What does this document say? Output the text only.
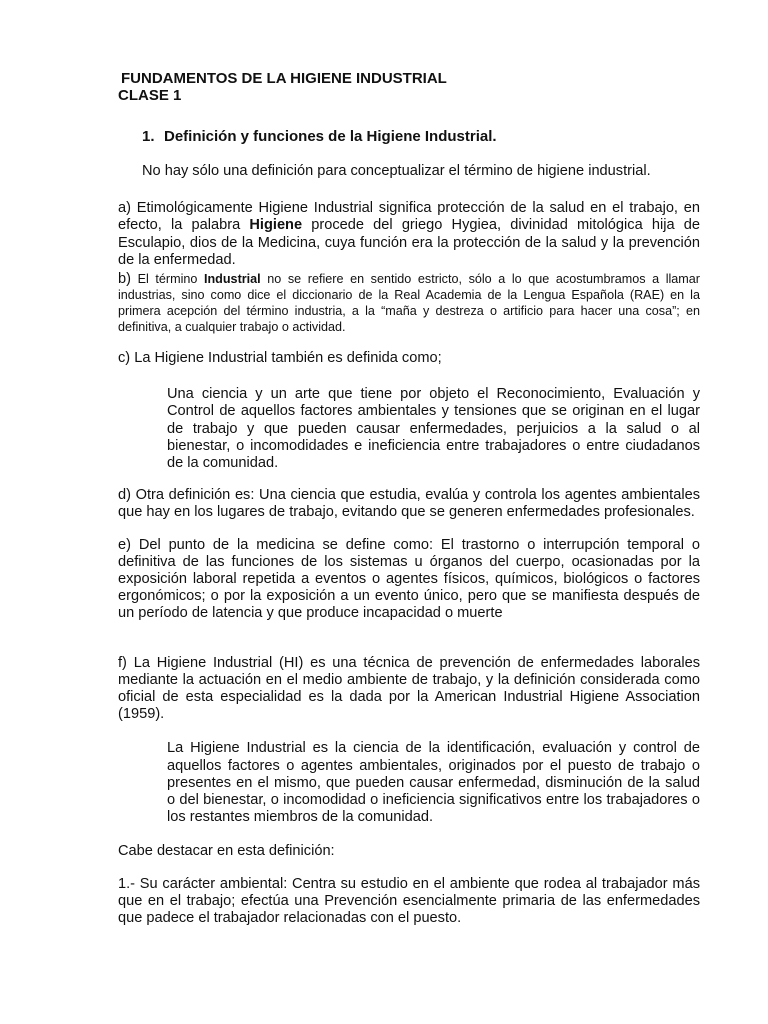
FUNDAMENTOS DE LA HIGIENE INDUSTRIAL

CLASE 1

1. Definición y funciones de la Higiene Industrial.

No hay sólo una definición para conceptualizar el término de higiene industrial.

a) Etimológicamente Higiene Industrial significa protección de la salud en el trabajo, en efecto, la palabra Higiene procede del griego Hygiea, divinidad mitológica hija de Esculapio, dios de la Medicina, cuya función era la protección de la salud y la prevención de la enfermedad.

b) El término Industrial no se refiere en sentido estricto, sólo a lo que acostumbramos a llamar industrias, sino como dice el diccionario de la Real Academia de la Lengua Española (RAE) en la primera acepción del término industria, a la “maña y destreza o artificio para hacer una cosa”; en definitiva, a cualquier trabajo o actividad.

c) La Higiene Industrial también es definida como;

Una ciencia y un arte que tiene por objeto el Reconocimiento, Evaluación y Control de aquellos factores ambientales y tensiones que se originan en el lugar de trabajo y que pueden causar enfermedades, perjuicios a la salud o al bienestar, o incomodidades e ineficiencia entre trabajadores o entre ciudadanos de la comunidad.

d) Otra definición es: Una ciencia que estudia, evalúa y controla los agentes ambientales que hay en los lugares de trabajo, evitando que se generen enfermedades profesionales.

e) Del punto de la medicina se define como: El trastorno o interrupción temporal o definitiva de las funciones de los sistemas u órganos del cuerpo, ocasionadas por la exposición laboral repetida a eventos o agentes físicos, químicos, biológicos o factores ergonómicos; o por la exposición a un evento único, pero que se manifiesta después de un período de latencia y que produce incapacidad o muerte

f) La Higiene Industrial (HI) es una técnica de prevención de enfermedades laborales mediante la actuación en el medio ambiente de trabajo, y la definición considerada como oficial de esta especialidad es la dada por la American Industrial Higiene Association (1959).

La Higiene Industrial es la ciencia de la identificación, evaluación y control de aquellos factores o agentes ambientales, originados por el puesto de trabajo o presentes en el mismo, que pueden causar enfermedad, disminución de la salud o del bienestar, o incomodidad o ineficiencia significativos entre los trabajadores o los restantes miembros de la comunidad.

Cabe destacar en esta definición:

1.- Su carácter ambiental: Centra su estudio en el ambiente que rodea al trabajador más que en el trabajo; efectúa una Prevención esencialmente primaria de las enfermedades que padece el trabajador relacionadas con el puesto.
